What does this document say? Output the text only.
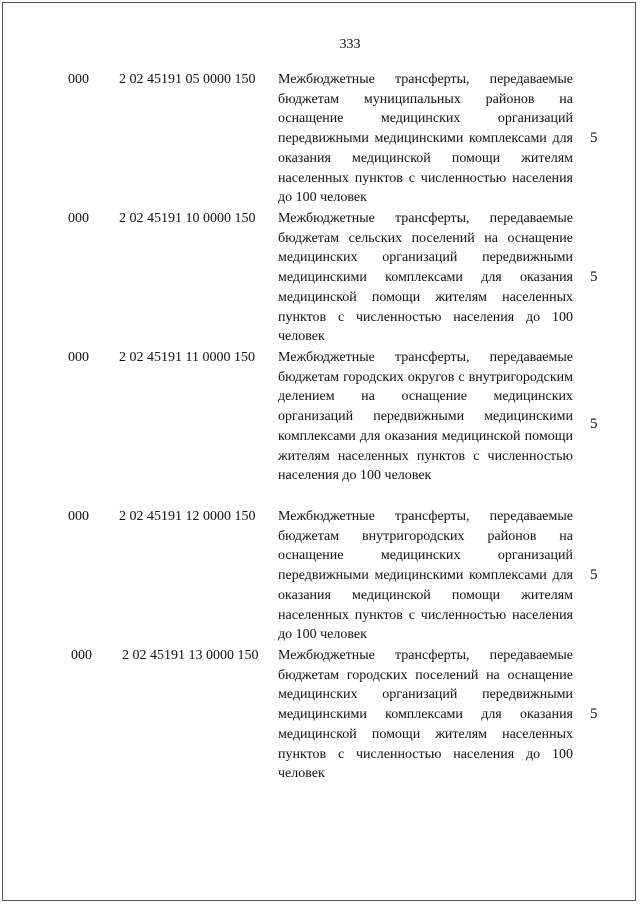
333
000 2 02 45191 05 0000 150 Межбюджетные трансферты, передаваемые бюджетам муниципальных районов на оснащение медицинских организаций передвижными медицинскими комплексами для оказания медицинской помощи жителям населенных пунктов с численностью населения до 100 человек
5
000 2 02 45191 10 0000 150 Межбюджетные трансферты, передаваемые бюджетам сельских поселений на оснащение медицинских организаций передвижными медицинскими комплексами для оказания медицинской помощи жителям населенных пунктов с численностью населения до 100 человек
5
000 2 02 45191 11 0000 150 Межбюджетные трансферты, передаваемые бюджетам городских округов с внутригородским делением на оснащение медицинских организаций передвижными медицинскими комплексами для оказания медицинской помощи жителям населенных пунктов с численностью населения до 100 человек
5
000 2 02 45191 12 0000 150 Межбюджетные трансферты, передаваемые бюджетам внутригородских районов на оснащение медицинских организаций передвижными медицинскими комплексами для оказания медицинской помощи жителям населенных пунктов с численностью населения до 100 человек
5
000 2 02 45191 13 0000 150 Межбюджетные трансферты, передаваемые бюджетам городских поселений на оснащение медицинских организаций передвижными медицинскими комплексами для оказания медицинской помощи жителям населенных пунктов с численностью населения до 100 человек
5
